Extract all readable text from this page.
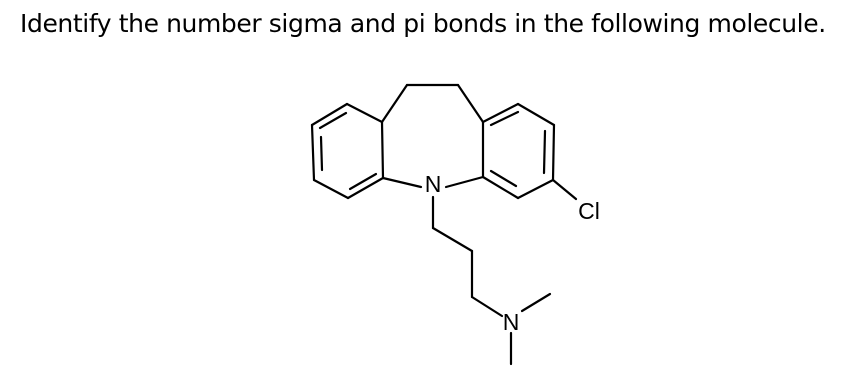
Identify the number sigma and pi bonds in the following molecule.
N
Cl
N
